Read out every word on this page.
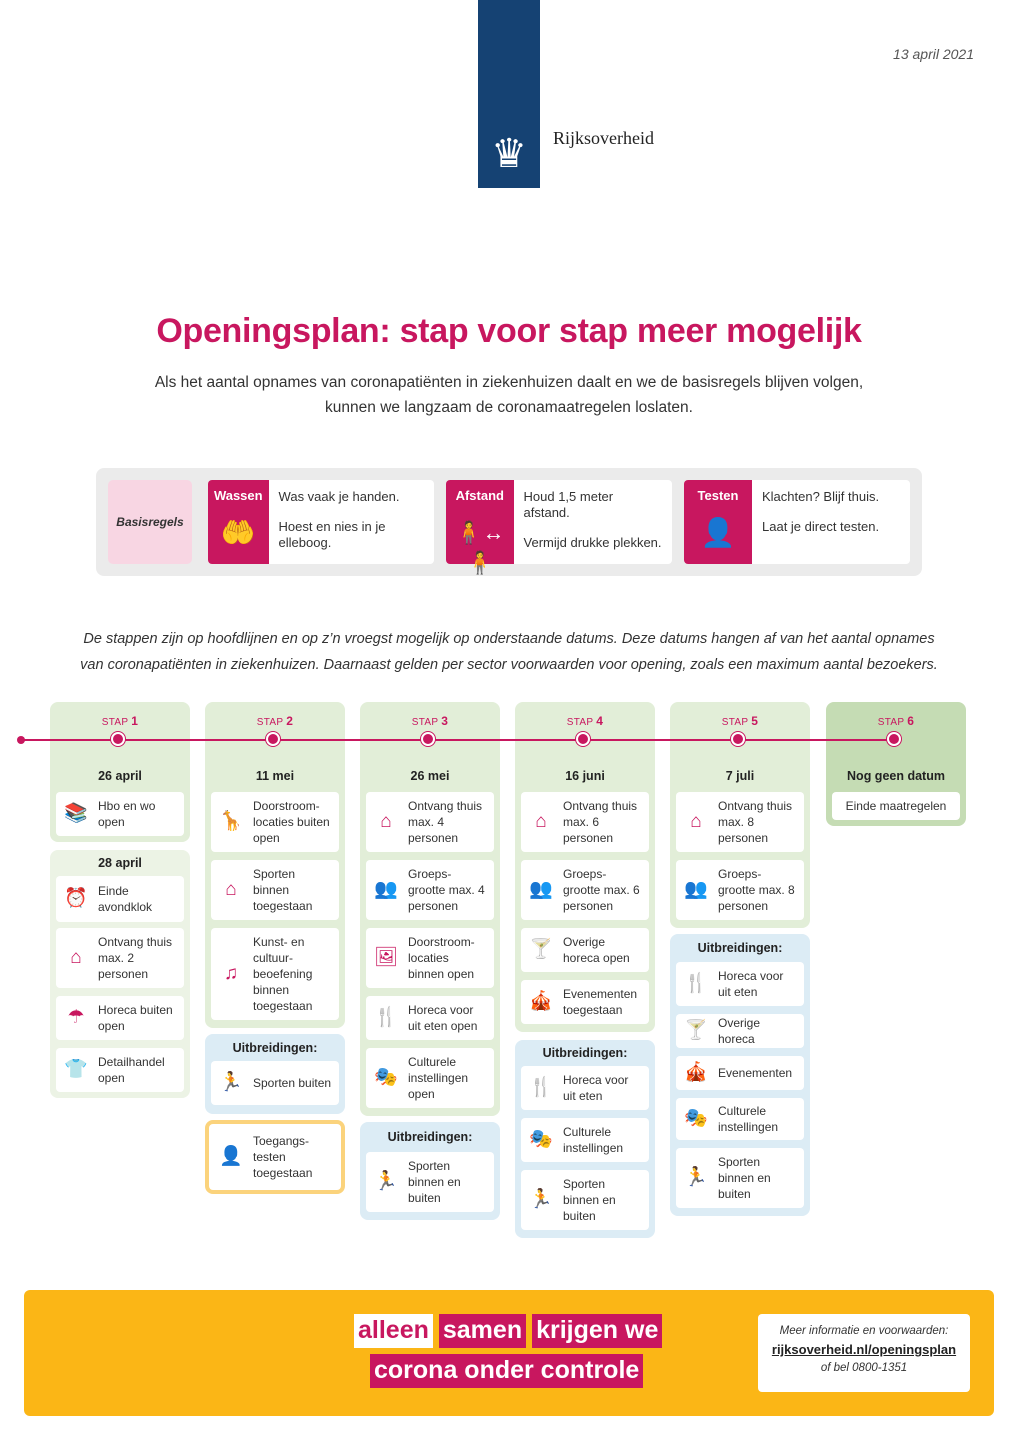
♛	Rijksoverheid
13 april 2021
Openingsplan: stap voor stap meer mogelijk
Als het aantal opnames van coronapatiënten in ziekenhuizen daalt en we de basisregels blijven volgen,
kunnen we langzaam de coronamaatregelen loslaten.
Basisregels
Wassen
🤲

Was vaak je handen.

Hoest en nies in je elleboog.

Afstand
🧍↔🧍

Houd 1,5 meter afstand.

Vermijd drukke plekken.

Testen
👤

Klachten? Blijf thuis.

Laat je direct testen.

De stappen zijn op hoofdlijnen en op z’n vroegst mogelijk op onderstaande datums. Deze datums hangen af van het aantal opnames
van coronapatiënten in ziekenhuizen. Daarnaast gelden per sector voorwaarden voor opening, zoals een maximum aantal bezoekers.
STAP 1
26 april
📚 Hbo en wo open
28 april
⏰ Einde avondklok
⌂
Ontvang thuis max. 2 personen
☂	Horeca buiten open
👕 Detailhandel open
STAP 2
11 mei
🦒
Doorstroom-locaties buiten open
⌂
Sporten binnen toegestaan
♫
Kunst- en cultuur-beoefening binnen toegestaan
Uitbreidingen:
🏃 Sporten buiten
👤
Toegangs-testen toegestaan
STAP 3
26 mei
⌂
Ontvang thuis max. 4 personen
👥
Groeps-grootte max. 4 personen
🖼
Doorstroom-locaties binnen open
🍴 Horeca voor uit eten open
🎭
Culturele instellingen open
Uitbreidingen:
🏃
Sporten binnen en buiten
STAP 4
16 juni
⌂
Ontvang thuis max. 6 personen
👥
Groeps-grootte max. 6 personen
🍸 Overige horeca open
🎪 Evenementen toegestaan
Uitbreidingen:
🍴 Horeca voor uit eten
🎭 Culturele instellingen
🏃
Sporten binnen en buiten
STAP 5
7 juli
⌂
Ontvang thuis max. 8 personen
👥
Groeps-grootte max. 8 personen
Uitbreidingen:
🍴 Horeca voor uit eten
🍸 Overige horeca
🎪 Evenementen
🎭 Culturele instellingen
🏃
Sporten binnen en buiten
STAP 6
Nog geen datum
Einde maatregelen
alleen samen krijgen we
corona onder controle
Meer informatie en voorwaarden:
rijksoverheid.nl/openingsplan
of bel 0800-1351
